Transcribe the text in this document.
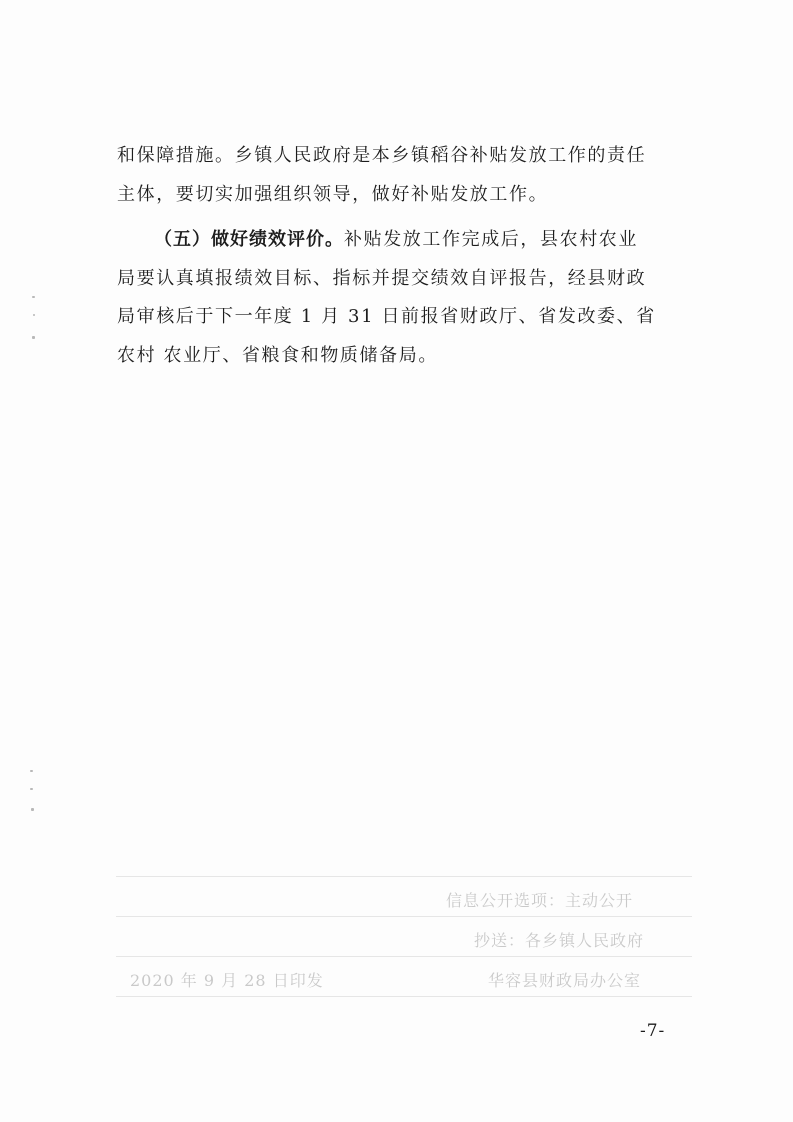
和保障措施。乡镇人民政府是本乡镇稻谷补贴发放工作的责任
主体，要切实加强组织领导，做好补贴发放工作。

（五）做好绩效评价。补贴发放工作完成后，县农村农业
局要认真填报绩效目标、指标并提交绩效自评报告，经县财政
局审核后于下一年度 1 月 31 日前报省财政厅、省发改委、省
农村 农业厅、省粮食和物质储备局。

信息公开选项：主动公开
抄送：各乡镇人民政府
华容县财政局办公室
2020 年 9 月 28 日印发
-7-
